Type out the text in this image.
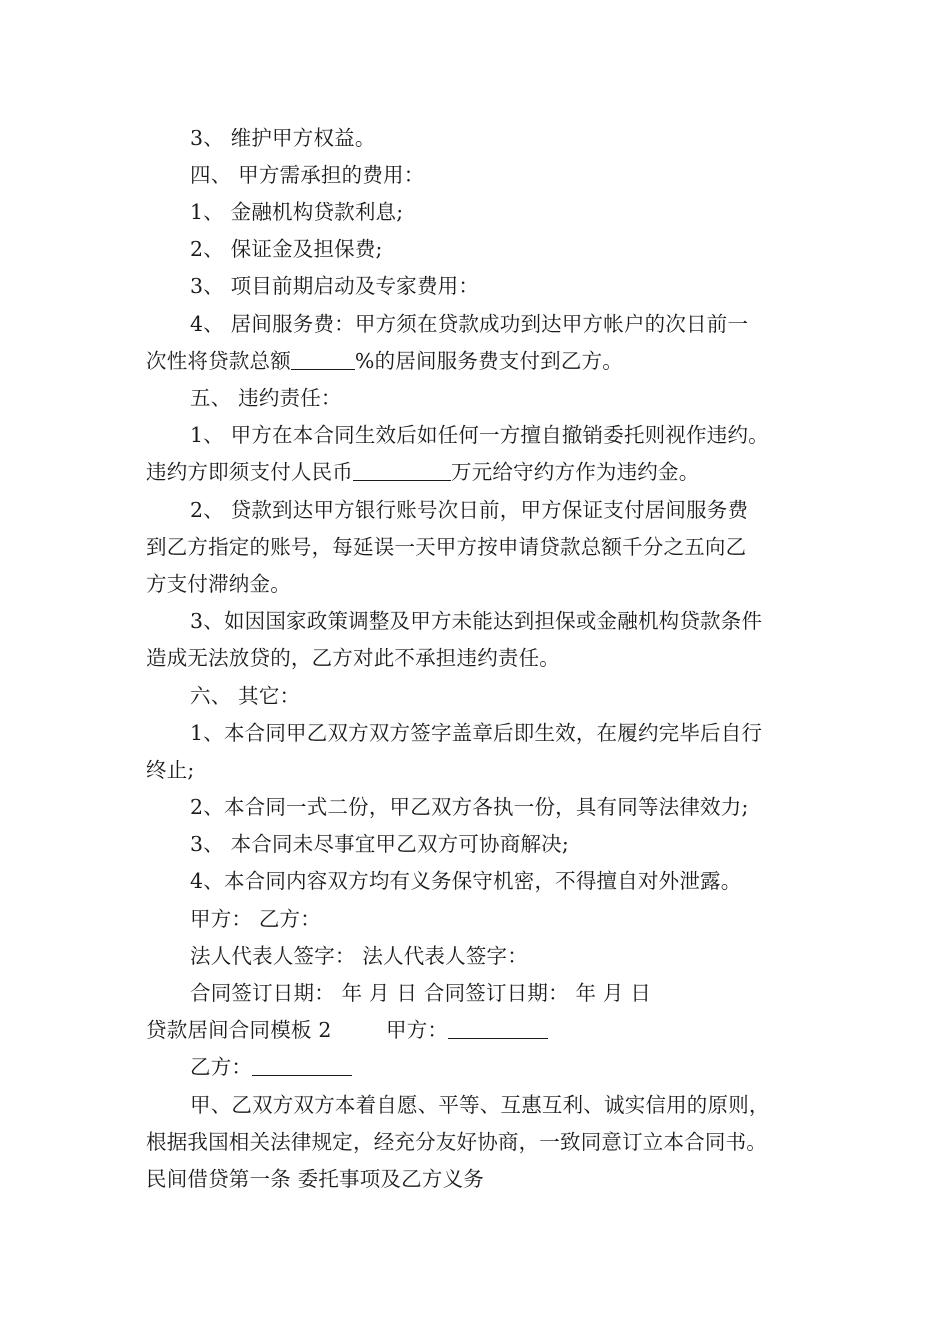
3、 维护甲方权益。
四、 甲方需承担的费用：
1、 金融机构贷款利息;
2、 保证金及担保费;
3、 项目前期启动及专家费用：
4、 居间服务费：甲方须在贷款成功到达甲方帐户的次日前一
次性将贷款总额	%的居间服务费支付到乙方。
五、 违约责任：
1、 甲方在本合同生效后如任何一方擅自撤销委托则视作违约。
违约方即须支付人民币	万元给守约方作为违约金。
2、 贷款到达甲方银行账号次日前，甲方保证支付居间服务费
到乙方指定的账号，每延误一天甲方按申请贷款总额千分之五向乙
方支付滞纳金。
3、如因国家政策调整及甲方未能达到担保或金融机构贷款条件
造成无法放贷的，乙方对此不承担违约责任。
六、 其它：
1、本合同甲乙双方双方签字盖章后即生效，在履约完毕后自行
终止;
2、本合同一式二份，甲乙双方各执一份，具有同等法律效力;
3、 本合同未尽事宜甲乙双方可协商解决;
4、本合同内容双方均有义务保守机密，不得擅自对外泄露。
甲方： 乙方：
法人代表人签字： 法人代表人签字：
合同签订日期： 年 月 日 合同签订日期： 年 月 日
贷款居间合同模板 2	甲方：
乙方：
甲、乙双方双方本着自愿、平等、互惠互利、诚实信用的原则，
根据我国相关法律规定，经充分友好协商，一致同意订立本合同书。
民间借贷第一条 委托事项及乙方义务
